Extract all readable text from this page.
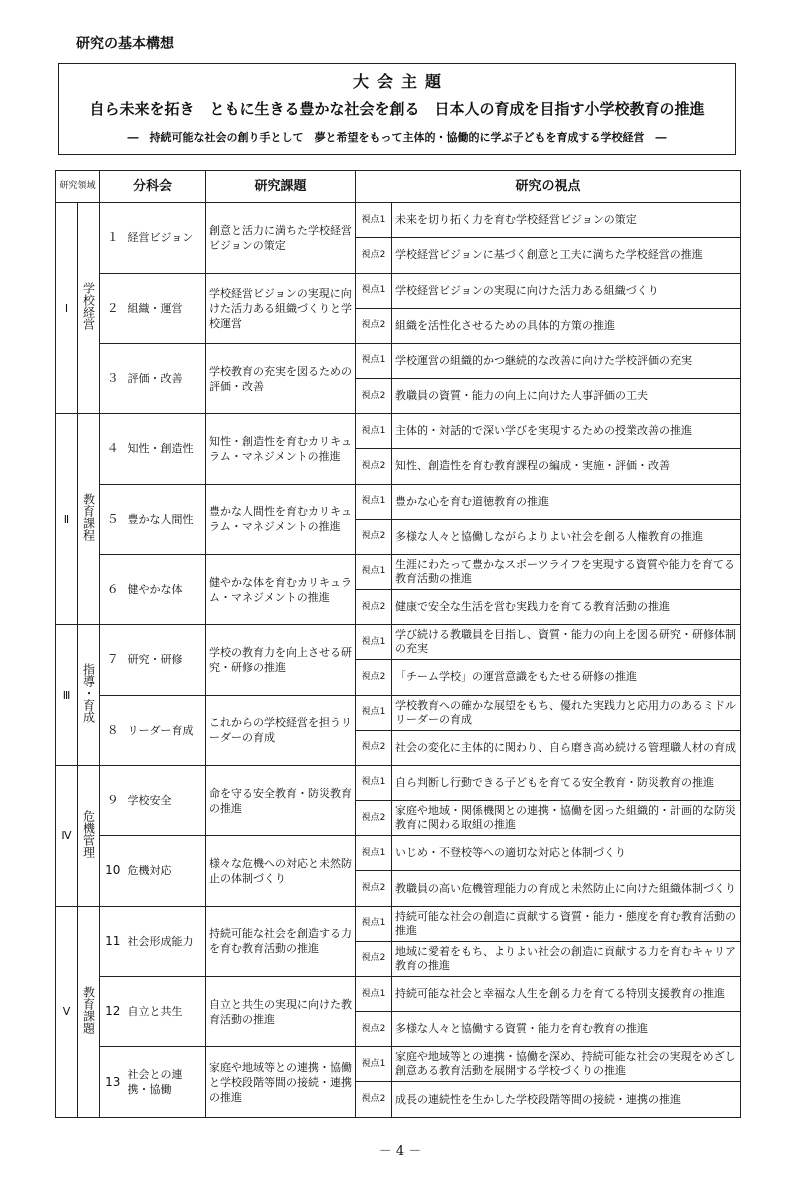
研究の基本構想
大会主題
自ら未来を拓き　ともに生きる豊かな社会を創る　日本人の育成を目指す小学校教育の推進
―　持続可能な社会の創り手として　夢と希望をもって主体的・協働的に学ぶ子どもを育成する学校経営　―
研究領域		分科会		研究課題	研究の視点	
Ⅰ	学校経営	１	経営ビジョン	創意と活力に満ちた学校経営ビジョンの策定	視点1	未来を切り拓く力を育む学校経営ビジョンの策定
					視点2	学校経営ビジョンに基づく創意と工夫に満ちた学校経営の推進
		２	組織・運営	学校経営ビジョンの実現に向けた活力ある組織づくりと学校運営	視点1	学校経営ビジョンの実現に向けた活力ある組織づくり
					視点2	組織を活性化させるための具体的方策の推進
		３	評価・改善	学校教育の充実を図るための評価・改善	視点1	学校運営の組織的かつ継続的な改善に向けた学校評価の充実
					視点2	教職員の資質・能力の向上に向けた人事評価の工夫
Ⅱ	教育課程	４	知性・創造性	知性・創造性を育むカリキュラム・マネジメントの推進	視点1	主体的・対話的で深い学びを実現するための授業改善の推進
					視点2	知性、創造性を育む教育課程の編成・実施・評価・改善
		５	豊かな人間性	豊かな人間性を育むカリキュラム・マネジメントの推進	視点1	豊かな心を育む道徳教育の推進
					視点2	多様な人々と協働しながらよりよい社会を創る人権教育の推進
		６	健やかな体	健やかな体を育むカリキュラム・マネジメントの推進	視点1	生涯にわたって豊かなスポーツライフを実現する資質や能力を育てる教育活動の推進
					視点2	健康で安全な生活を営む実践力を育てる教育活動の推進
Ⅲ	指導・育成	７	研究・研修	学校の教育力を向上させる研究・研修の推進	視点1	学び続ける教職員を目指し、資質・能力の向上を図る研究・研修体制の充実
					視点2	「チーム学校」の運営意識をもたせる研修の推進
		８	リーダー育成	これからの学校経営を担うリーダーの育成	視点1	学校教育への確かな展望をもち、優れた実践力と応用力のあるミドルリーダーの育成
					視点2	社会の変化に主体的に関わり、自ら磨き高め続ける管理職人材の育成
Ⅳ	危機管理	９	学校安全	命を守る安全教育・防災教育の推進	視点1	自ら判断し行動できる子どもを育てる安全教育・防災教育の推進
					視点2	家庭や地域・関係機関との連携・協働を図った組織的・計画的な防災教育に関わる取組の推進
		10	危機対応	様々な危機への対応と未然防止の体制づくり	視点1	いじめ・不登校等への適切な対応と体制づくり
					視点2	教職員の高い危機管理能力の育成と未然防止に向けた組織体制づくり
Ⅴ	教育課題	11	社会形成能力	持続可能な社会を創造する力を育む教育活動の推進	視点1	持続可能な社会の創造に貢献する資質・能力・態度を育む教育活動の推進
					視点2	地域に愛着をもち、よりよい社会の創造に貢献する力を育むキャリア教育の推進
		12	自立と共生	自立と共生の実現に向けた教育活動の推進	視点1	持続可能な社会と幸福な人生を創る力を育てる特別支援教育の推進
					視点2	多様な人々と協働する資質・能力を育む教育の推進
		13	社会との連携・協働	家庭や地域等との連携・協働と学校段階等間の接続・連携の推進	視点1	家庭や地域等との連携・協働を深め、持続可能な社会の実現をめざし創意ある教育活動を展開する学校づくりの推進
					視点2	成長の連続性を生かした学校段階等間の接続・連携の推進
－ 4 －
